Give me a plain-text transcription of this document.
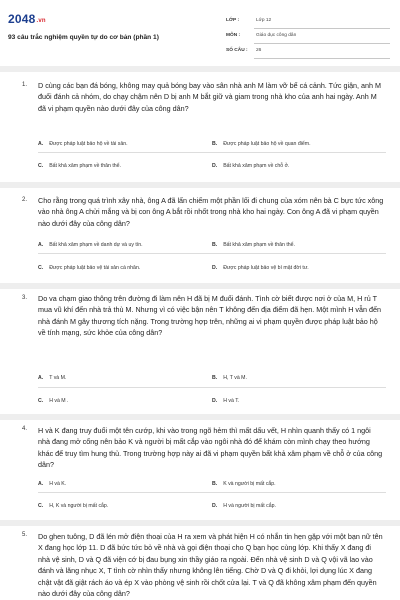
2048.vn
93 câu trắc nghiệm quyền tự do cơ bản (phần 1)
LỚP :	Lớp 12
MÔN :	Giáo dục công dân
SỐ CÂU : 26
1. D cùng các bạn đá bóng, không may quả bóng bay vào sân nhà anh M làm vỡ bể cá cảnh. Tức giận, anh M đuổi đánh cả nhóm, do chạy chậm nên D bị anh M bắt giữ và giam trong nhà kho của anh hai ngày. Anh M đã vi phạm quyền nào dưới đây của công dân?
A. Được pháp luật bảo hộ về tài sản.	B. Được pháp luật bảo hộ về quan điểm.
C. Bất khả xâm phạm về thân thể.	D. Bất khả xâm phạm về chỗ ở.
2. Cho rằng trong quá trình xây nhà, ông A đã lấn chiếm một phần lối đi chung của xóm nên bà C bực tức xông vào nhà ông A chửi mắng và bị con ông A bắt rồi nhốt trong nhà kho hai ngày. Con ông A đã vi phạm quyền nào dưới đây của công dân?
A. Bất khả xâm phạm về danh dự và uy tín.	B. Bất khả xâm phạm về thân thể.
C. Được pháp luật bảo vệ tài sản cá nhân.	D. Được pháp luật bảo vệ bí mật đời tư.
3. Do va chạm giao thông trên đường đi làm nên H đã bị M đuổi đánh. Tình cờ biết được nơi ở của M, H rủ T mua vũ khí đến nhà trả thù M. Nhưng vì có việc bận nên T không đến địa điểm đã hẹn. Một mình H vẫn đến nhà đánh M gây thương tích nặng. Trong trường hợp trên, những ai vi phạm quyền được pháp luật bảo hộ về tính mạng, sức khỏe của công dân?
A. T và M.	B. H, T và M.
C. H và M .	D. H và T.
4. H và K đang truy đuổi một tên cướp, khi vào trong ngõ hẻm thì mất dấu vết, H nhìn quanh thấy có 1 ngôi nhà đang mở cổng nên bảo K và người bị mất cắp vào ngôi nhà đó để khám còn mình chạy theo hướng khác để truy tìm hung thủ. Trong trường hợp này ai đã vi phạm quyền bất khả xâm phạm về chỗ ở của công dân?
A. H và K.	B. K và người bị mất cắp.
C. H, K và người bị mất cắp.	D. H và người bị mất cắp.
5. Do ghen tuông, D đã lén mở điện thoại của H ra xem và phát hiện H có nhắn tin hẹn gặp với một bạn nữ tên X đang học lớp 11. D đã bức tức bỏ về nhà và gọi điện thoại cho Q bạn học cùng lớp. Khi thấy X đang đi nhà vệ sinh, D và Q đã viện cớ bị đau bụng xin thầy giáo ra ngoài. Đến nhà vệ sinh D và Q vội vã lao vào đánh và lăng nhục X, T tình cờ nhìn thấy nhưng không lên tiếng. Chờ D và Q đi khỏi, lợi dụng lúc X đang chật vật đã giật rách áo và ép X vào phòng vệ sinh rồi chốt cửa lại. T và Q đã không xâm phạm đến quyền nào dưới đây của công dân?
